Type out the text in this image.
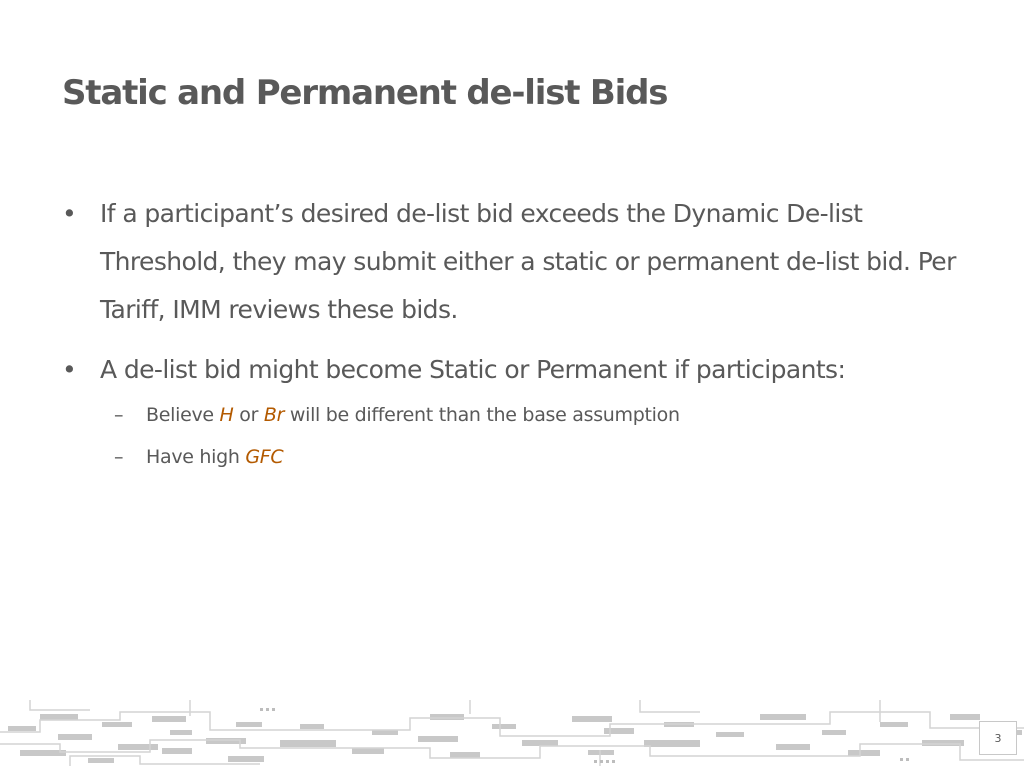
Static and Permanent de-list Bids
• If a participant’s desired de-list bid exceeds the Dynamic De-list Threshold, they may submit either a static or permanent de-list bid. Per Tariff, IMM reviews these bids.
• A de-list bid might become Static or Permanent if participants:
– Believe H or Br will be different than the base assumption
– Have high GFC
3
